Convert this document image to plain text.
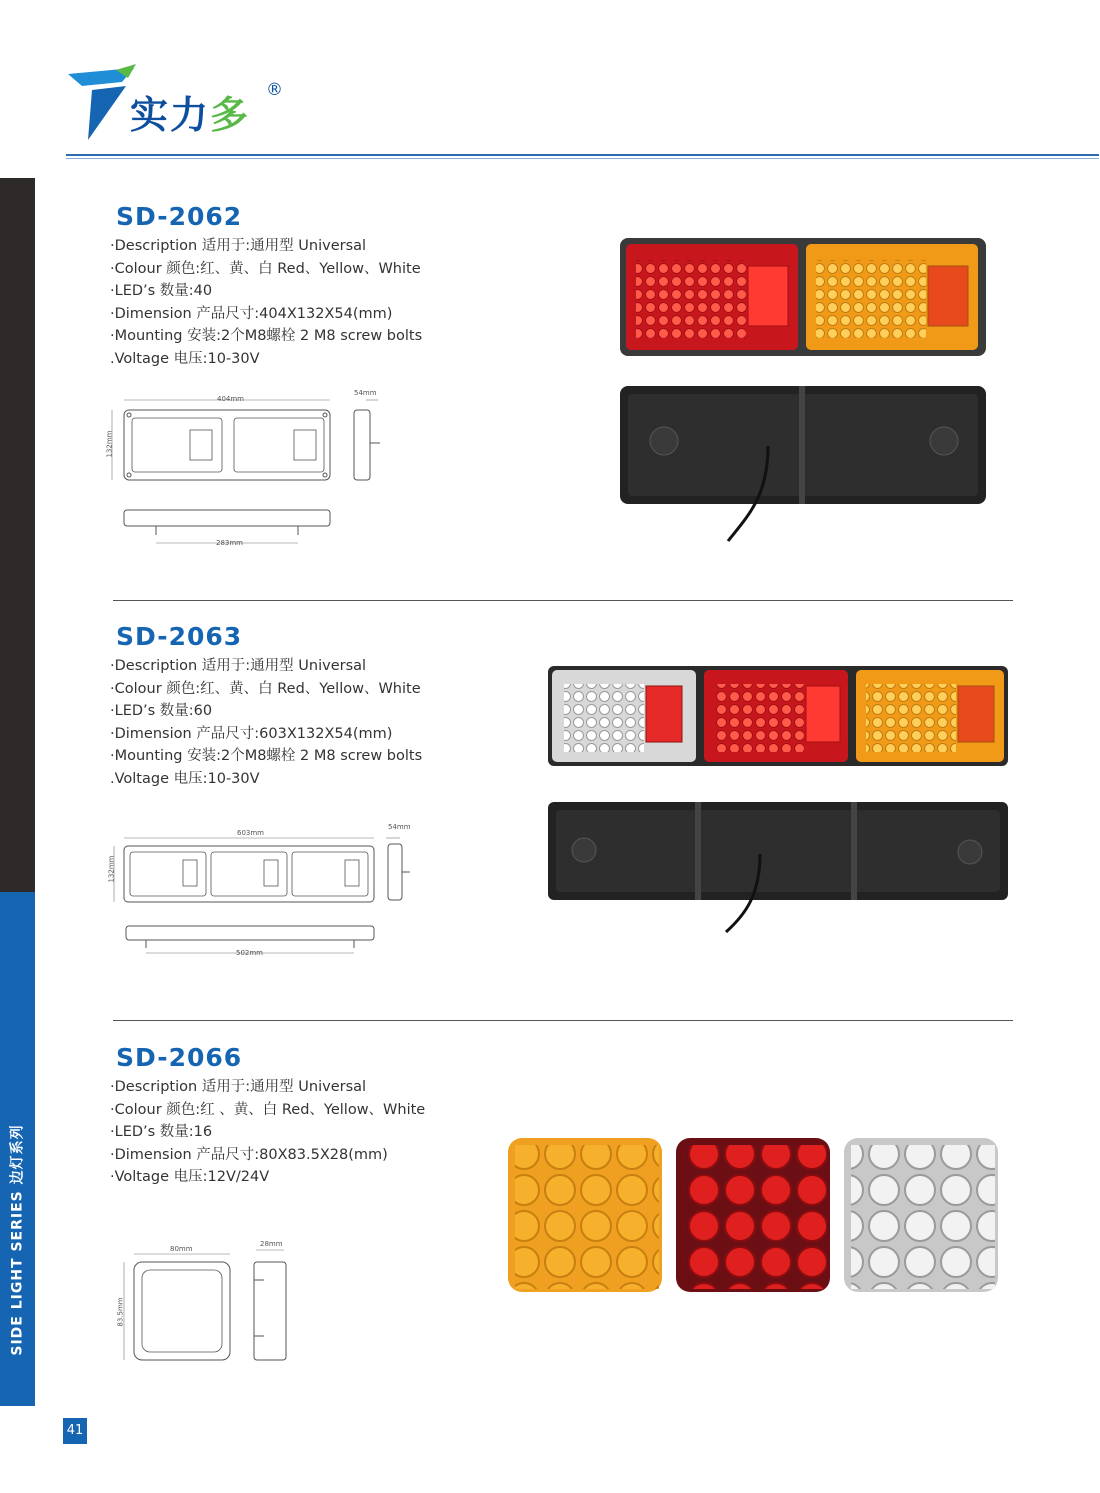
实力多
®
SIDE LIGHT SERIES 边灯系列
41
SD-2062
·Description 适用于:通用型 Universal
·Colour 颜色:红、黄、白 Red、Yellow、White
·LED’s 数量:40
·Dimension 产品尺寸:404X132X54(mm)
·Mounting 安装:2个M8螺栓 2 M8 screw bolts
.Voltage 电压:10-30V
404mm
132mm
54mm
283mm
SD-2063
·Description 适用于:通用型 Universal
·Colour 颜色:红、黄、白 Red、Yellow、White
·LED’s 数量:60
·Dimension 产品尺寸:603X132X54(mm)
·Mounting 安装:2个M8螺栓 2 M8 screw bolts
.Voltage 电压:10-30V
603mm
132mm
54mm
502mm
SD-2066
·Description 适用于:通用型 Universal
·Colour 颜色:红 、黄、白 Red、Yellow、White
·LED’s 数量:16
·Dimension 产品尺寸:80X83.5X28(mm)
·Voltage 电压:12V/24V
80mm
83.5mm
28mm
